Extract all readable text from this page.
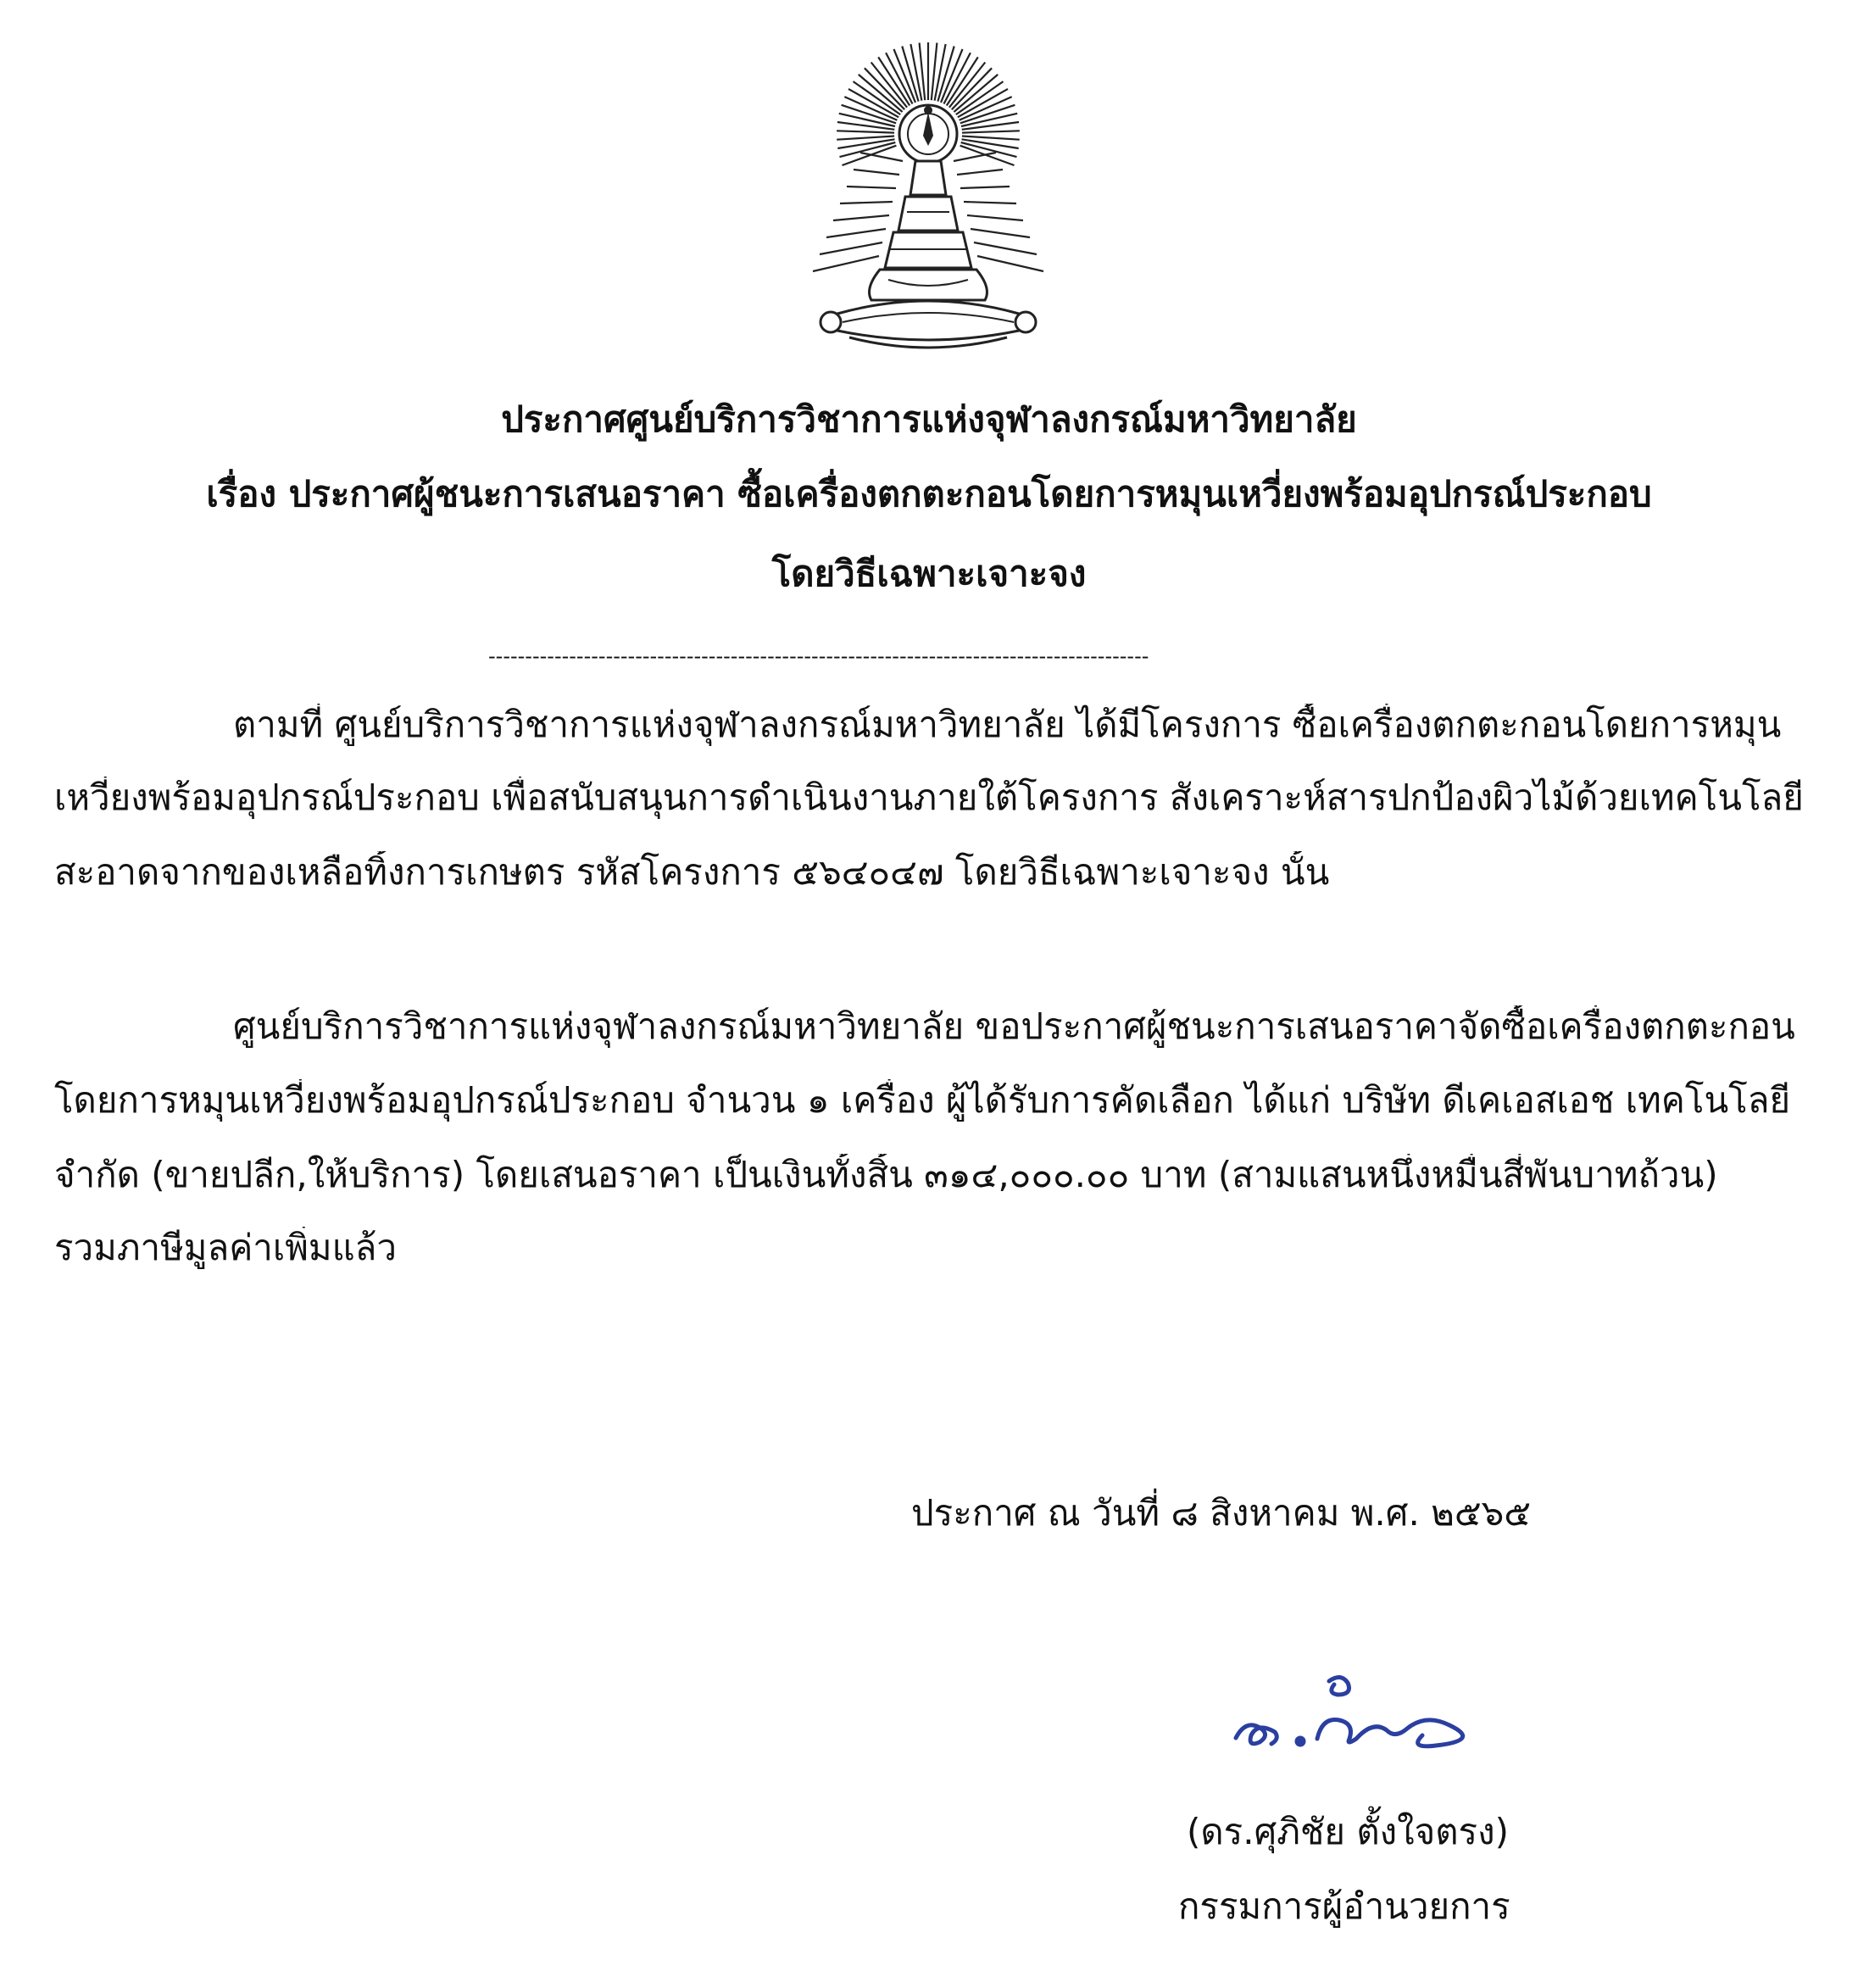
ประกาศศูนย์บริการวิชาการแห่งจุฬาลงกรณ์มหาวิทยาลัย
เรื่อง ประกาศผู้ชนะการเสนอราคา ซื้อเครื่องตกตะกอนโดยการหมุนเหวี่ยงพร้อมอุปกรณ์ประกอบ
โดยวิธีเฉพาะเจาะจง
------------------------------------------------------------------------------------------
ตามที่ ศูนย์บริการวิชาการแห่งจุฬาลงกรณ์มหาวิทยาลัย ได้มีโครงการ ซื้อเครื่องตกตะกอนโดยการหมุน
เหวี่ยงพร้อมอุปกรณ์ประกอบ เพื่อสนับสนุนการดำเนินงานภายใต้โครงการ สังเคราะห์สารปกป้องผิวไม้ด้วยเทคโนโลยี
สะอาดจากของเหลือทิ้งการเกษตร รหัสโครงการ ๕๖๔๐๔๗ โดยวิธีเฉพาะเจาะจง นั้น
ศูนย์บริการวิชาการแห่งจุฬาลงกรณ์มหาวิทยาลัย ขอประกาศผู้ชนะการเสนอราคาจัดซื้อเครื่องตกตะกอน
โดยการหมุนเหวี่ยงพร้อมอุปกรณ์ประกอบ จำนวน ๑ เครื่อง ผู้ได้รับการคัดเลือก ได้แก่ บริษัท ดีเคเอสเอช เทคโนโลยี
จำกัด (ขายปลีก,ให้บริการ) โดยเสนอราคา เป็นเงินทั้งสิ้น ๓๑๔,๐๐๐.๐๐ บาท (สามแสนหนึ่งหมื่นสี่พันบาทถ้วน)
รวมภาษีมูลค่าเพิ่มแล้ว
ประกาศ ณ วันที่ ๘ สิงหาคม พ.ศ. ๒๕๖๕
(ดร.ศุภิชัย ตั้งใจตรง)
กรรมการผู้อำนวยการ
